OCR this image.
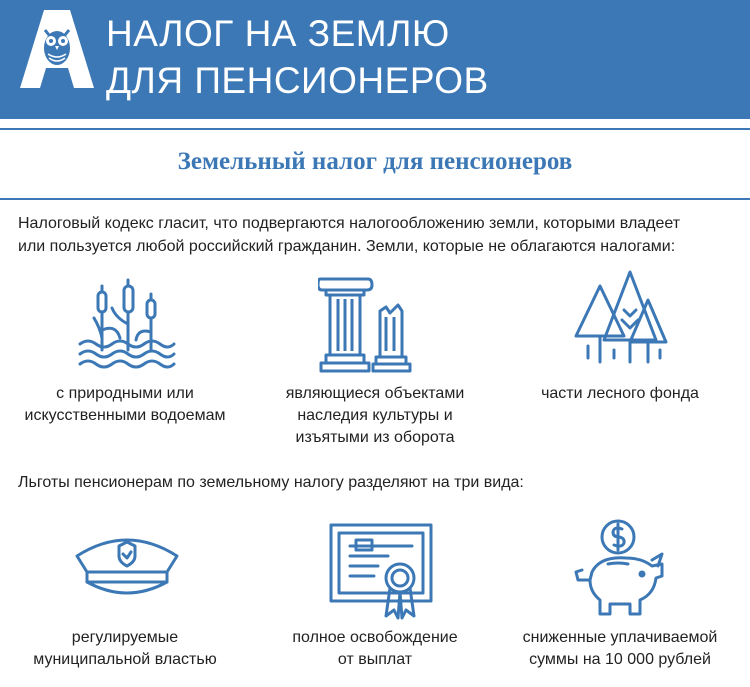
НАЛОГ НА ЗЕМЛЮ
ДЛЯ ПЕНСИОНЕРОВ
Земельный налог для пенсионеров
Налоговый кодекс гласит, что подвергаются налогообложению земли, которыми владеет
или пользуется любой российский гражданин. Земли, которые не облагаются налогами:
с природными или
искусственными водоемам
являющиеся объектами
наследия культуры и
изъятыми из оборота
части лесного фонда
Льготы пенсионерам по земельному налогу разделяют на три вида:
регулируемые
муниципальной властью
полное освобождение
от выплат
сниженные уплачиваемой
суммы на 10 000 рублей
